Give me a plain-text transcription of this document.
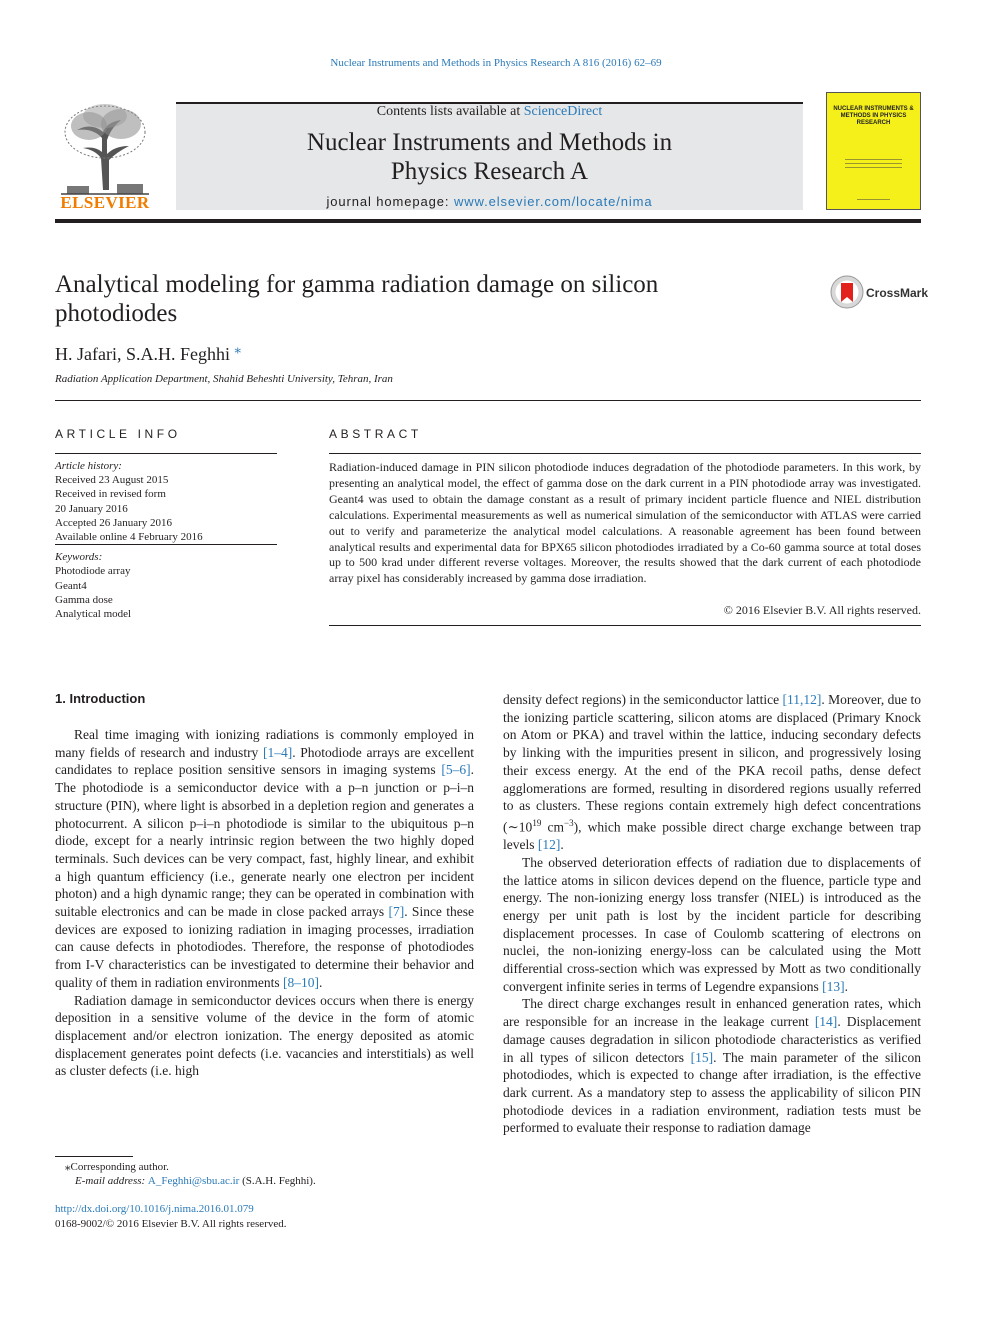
Nuclear Instruments and Methods in Physics Research A 816 (2016) 62–69
ELSEVIER
Contents lists available at ScienceDirect
Nuclear Instruments and Methods in
Physics Research A
journal homepage: www.elsevier.com/locate/nima
NUCLEAR INSTRUMENTS & METHODS IN PHYSICS RESEARCH
Analytical modeling for gamma radiation damage on silicon photodiodes
CrossMark
H. Jafari, S.A.H. Feghhi ⁎
Radiation Application Department, Shahid Beheshti University, Tehran, Iran
ARTICLE INFO	ABSTRACT
Article history:
Received 23 August 2015
Received in revised form
20 January 2016
Accepted 26 January 2016
Available online 4 February 2016
Keywords:
Photodiode array
Geant4
Gamma dose
Analytical model
Radiation-induced damage in PIN silicon photodiode induces degradation of the photodiode parameters. In this work, by presenting an analytical model, the effect of gamma dose on the dark current in a PIN photodiode array was investigated. Geant4 was used to obtain the damage constant as a result of primary incident particle fluence and NIEL distribution calculations. Experimental measurements as well as numerical simulation of the semiconductor with ATLAS were carried out to verify and parameterize the analytical model calculations. A reasonable agreement has been found between analytical results and experimental data for BPX65 silicon photodiodes irradiated by a Co-60 gamma source at total doses up to 500 krad under different reverse voltages. Moreover, the results showed that the dark current of each photodiode array pixel has considerably increased by gamma dose irradiation.
© 2016 Elsevier B.V. All rights reserved.
1. Introduction

Real time imaging with ionizing radiations is commonly employed in many fields of research and industry [1–4]. Photodiode arrays are excellent candidates to replace position sensitive sensors in imaging systems [5–6]. The photodiode is a semiconductor device with a p–n junction or p–i–n structure (PIN), where light is absorbed in a depletion region and generates a photocurrent. A silicon p–i–n photodiode is similar to the ubiquitous p–n diode, except for a nearly intrinsic region between the two highly doped terminals. Such devices can be very compact, fast, highly linear, and exhibit a high quantum efficiency (i.e., generate nearly one electron per incident photon) and a high dynamic range; they can be operated in combination with suitable electronics and can be made in close packed arrays [7]. Since these devices are exposed to ionizing radiation in imaging processes, irradiation can cause defects in photodiodes. Therefore, the response of photodiodes from I-V characteristics can be investigated to determine their behavior and quality of them in radiation environments [8–10].

Radiation damage in semiconductor devices occurs when there is energy deposition in a sensitive volume of the device in the form of atomic displacement and/or electron ionization. The energy deposited as atomic displacement generates point defects (i.e. vacancies and interstitials) as well as cluster defects (i.e. high

density defect regions) in the semiconductor lattice [11,12]. Moreover, due to the ionizing particle scattering, silicon atoms are displaced (Primary Knock on Atom or PKA) and travel within the lattice, inducing secondary defects by linking with the impurities present in silicon, and progressively losing their excess energy. At the end of the PKA recoil paths, dense defect agglomerations are formed, resulting in disordered regions usually referred to as clusters. These regions contain extremely high defect concentrations ($\sim 10^{19}$ $cm^{-3}$), which make possible direct charge exchange between trap levels [12].

The observed deterioration effects of radiation due to displacements of the lattice atoms in silicon devices depend on the fluence, particle type and energy. The non-ionizing energy loss transfer (NIEL) is introduced as the energy per unit path is lost by the incident particle for describing displacement processes. In case of Coulomb scattering of electrons on nuclei, the non-ionizing energy-loss can be calculated using the Mott differential cross-section which was expressed by Mott as two conditionally convergent infinite series in terms of Legendre expansions [13].

The direct charge exchanges result in enhanced generation rates, which are responsible for an increase in the leakage current [14]. Displacement damage causes degradation in silicon photodiode characteristics as verified in all types of silicon detectors [15]. The main parameter of the silicon photodiodes, which is expected to change after irradiation, is the effective dark current. As a mandatory step to assess the applicability of silicon PIN photodiode devices in a radiation environment, radiation tests must be performed to evaluate their response to radiation damage

⁎Corresponding author.
E-mail address: A_Feghhi@sbu.ac.ir (S.A.H. Feghhi).
http://dx.doi.org/10.1016/j.nima.2016.01.079
0168-9002/© 2016 Elsevier B.V. All rights reserved.
